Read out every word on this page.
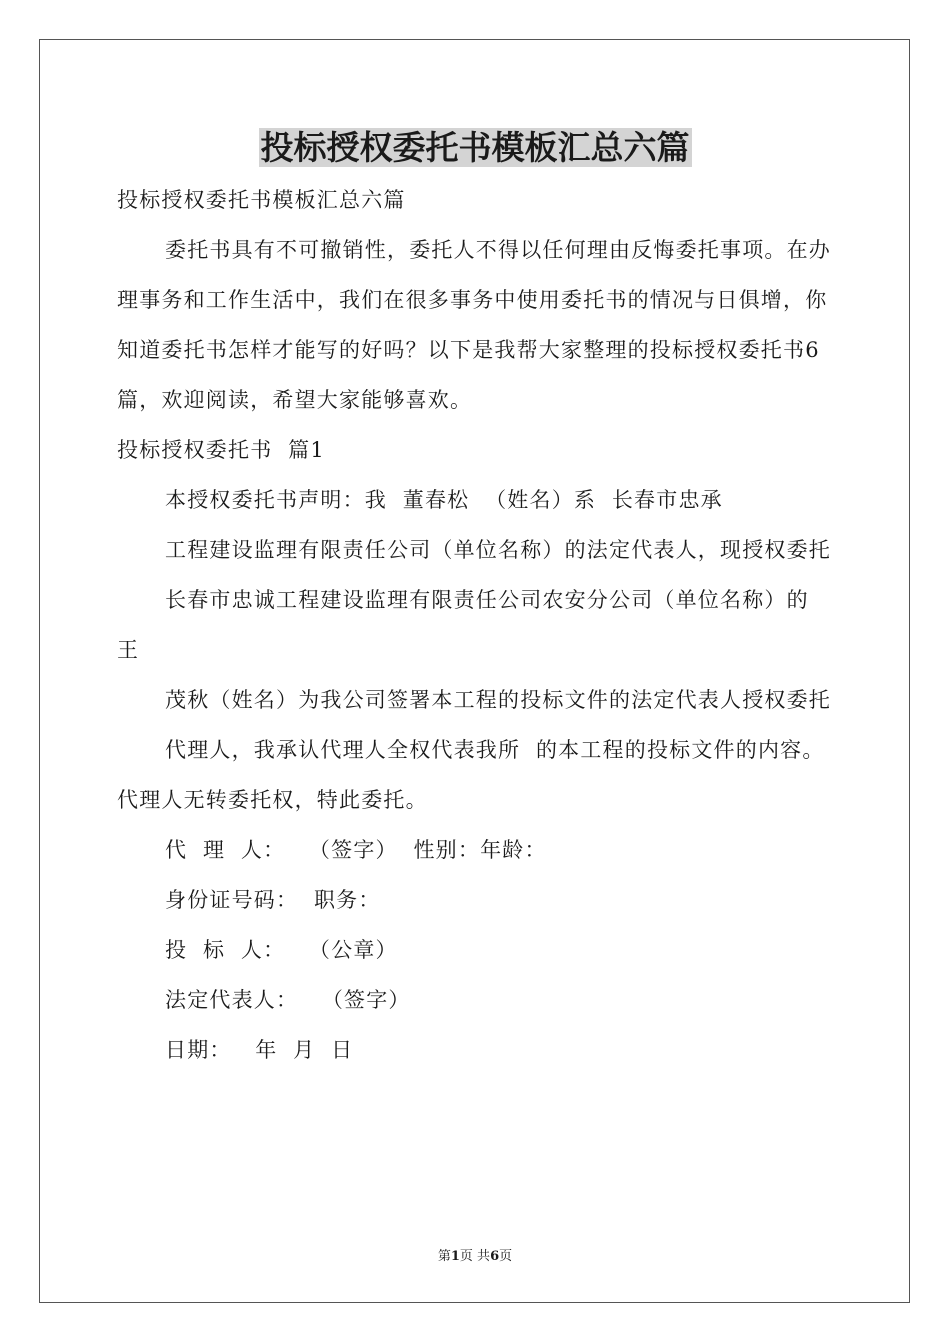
投标授权委托书模板汇总六篇

投标授权委托书模板汇总六篇

委托书具有不可撤销性，委托人不得以任何理由反悔委托事项。在办理事务和工作生活中，我们在很多事务中使用委托书的情况与日俱增，你知道委托书怎样才能写的好吗？以下是我帮大家整理的投标授权委托书6篇，欢迎阅读，希望大家能够喜欢。

投标授权委托书  篇1

本授权委托书声明：我  董春松  （姓名）系  长春市忠承

工程建设监理有限责任公司（单位名称）的法定代表人，现授权委托

长春市忠诚工程建设监理有限责任公司农安分公司（单位名称）的  王

茂秋（姓名）为我公司签署本工程的投标文件的法定代表人授权委托

代理人，我承认代理人全权代表我所  的本工程的投标文件的内容。  代理人无转委托权，特此委托。

代  理  人：   （签字）  性别：年龄：

身份证号码：  职务：

投  标  人：   （公章）

法定代表人：   （签字）

日期：   年  月  日

第1页 共6页
